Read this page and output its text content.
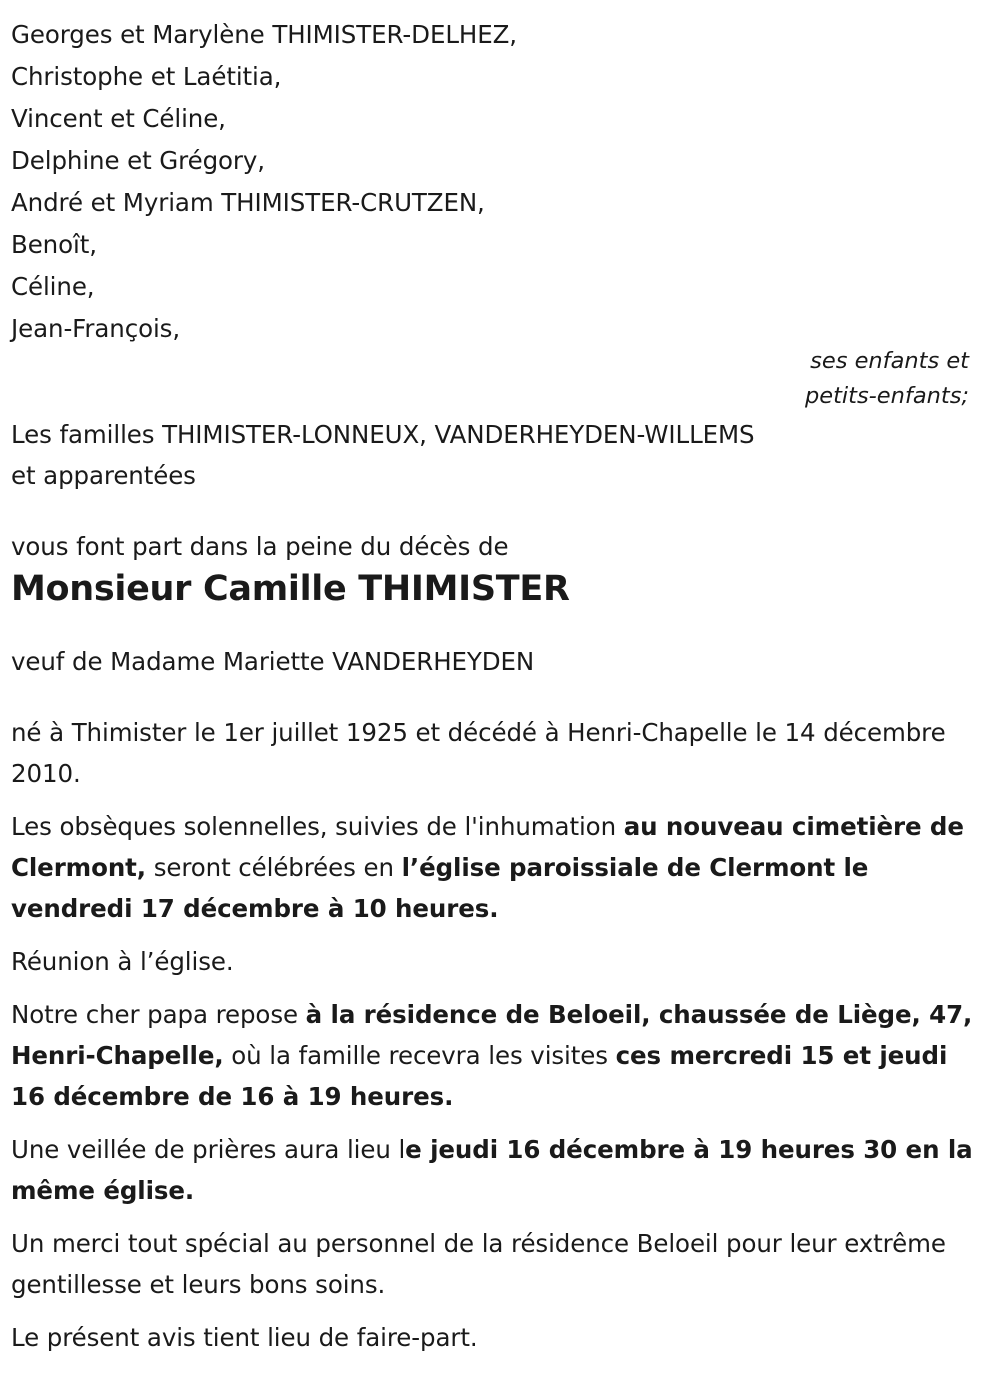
Georges et Marylène THIMISTER-DELHEZ,
Christophe et Laétitia,
Vincent et Céline,
Delphine et Grégory,
André et Myriam THIMISTER-CRUTZEN,
Benoît,
Céline,
Jean-François,
ses enfants et
petits-enfants;

Les familles THIMISTER-LONNEUX, VANDERHEYDEN-WILLEMS

et apparentées

vous font part dans la peine du décès de

Monsieur Camille THIMISTER

veuf de Madame Mariette VANDERHEYDEN

né à Thimister le 1er juillet 1925 et décédé à Henri-Chapelle le 14 décembre 2010.

Les obsèques solennelles, suivies de l'inhumation au nouveau cimetière de Clermont, seront célébrées en l’église paroissiale de Clermont le vendredi 17 décembre à 10 heures.

Réunion à l’église.

Notre cher papa repose à la résidence de Beloeil, chaussée de Liège, 47, Henri-Chapelle, où la famille recevra les visites ces mercredi 15 et jeudi 16 décembre de 16 à 19 heures.

Une veillée de prières aura lieu le jeudi 16 décembre à 19 heures 30 en la même église.

Un merci tout spécial au personnel de la résidence Beloeil pour leur extrême gentillesse et leurs bons soins.

Le présent avis tient lieu de faire-part.
